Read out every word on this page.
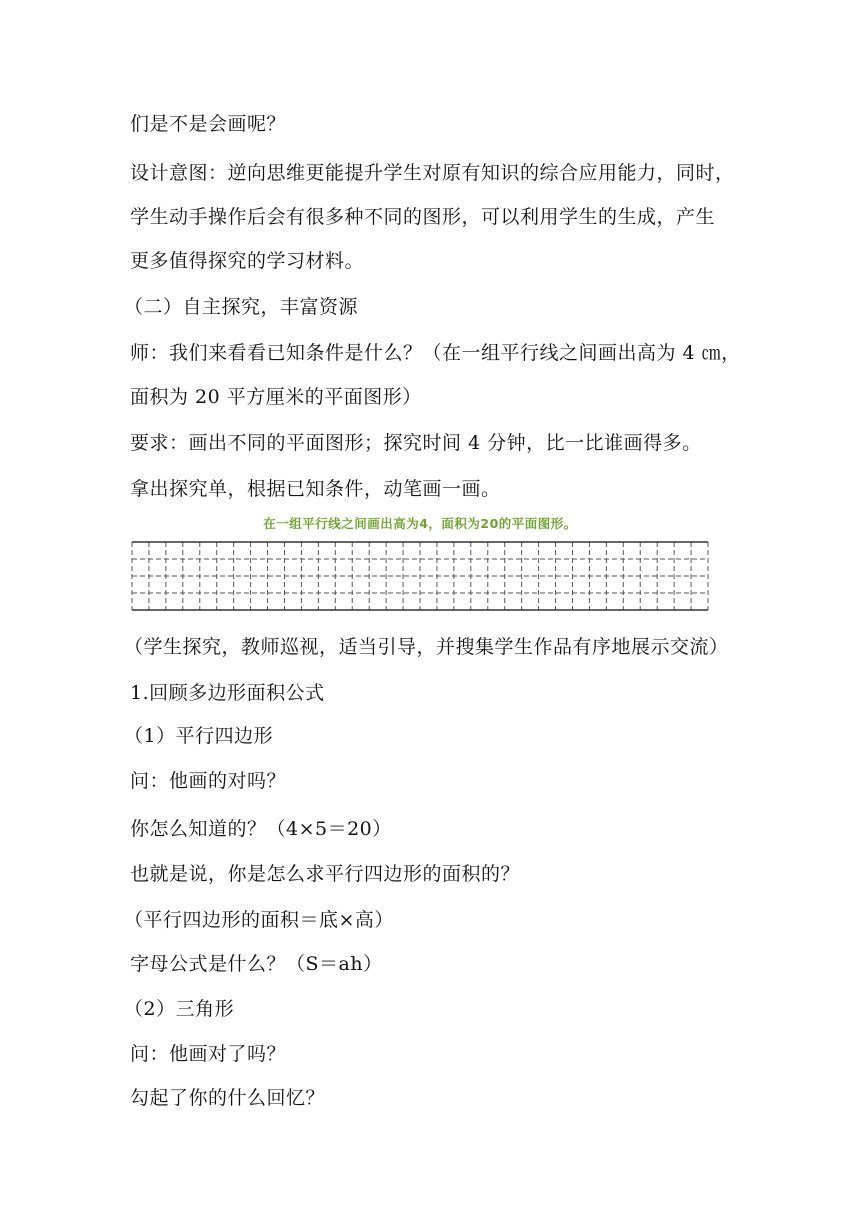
们是不是会画呢？

设计意图：逆向思维更能提升学生对原有知识的综合应用能力，同时，

学生动手操作后会有很多种不同的图形，可以利用学生的生成，产生

更多值得探究的学习材料。

（二）自主探究，丰富资源

师：我们来看看已知条件是什么？（在一组平行线之间画出高为 4 ㎝，

面积为 20 平方厘米的平面图形）

要求：画出不同的平面图形；探究时间 4 分钟，比一比谁画得多。

拿出探究单，根据已知条件，动笔画一画。

在一组平行线之间画出高为4，面积为20的平面图形。

（学生探究，教师巡视，适当引导，并搜集学生作品有序地展示交流）

1.回顾多边形面积公式

（1）平行四边形

问：他画的对吗？

你怎么知道的？（4×5＝20）

也就是说，你是怎么求平行四边形的面积的？

（平行四边形的面积＝底×高）

字母公式是什么？（S＝ah）

（2）三角形

问：他画对了吗？

勾起了你的什么回忆？
